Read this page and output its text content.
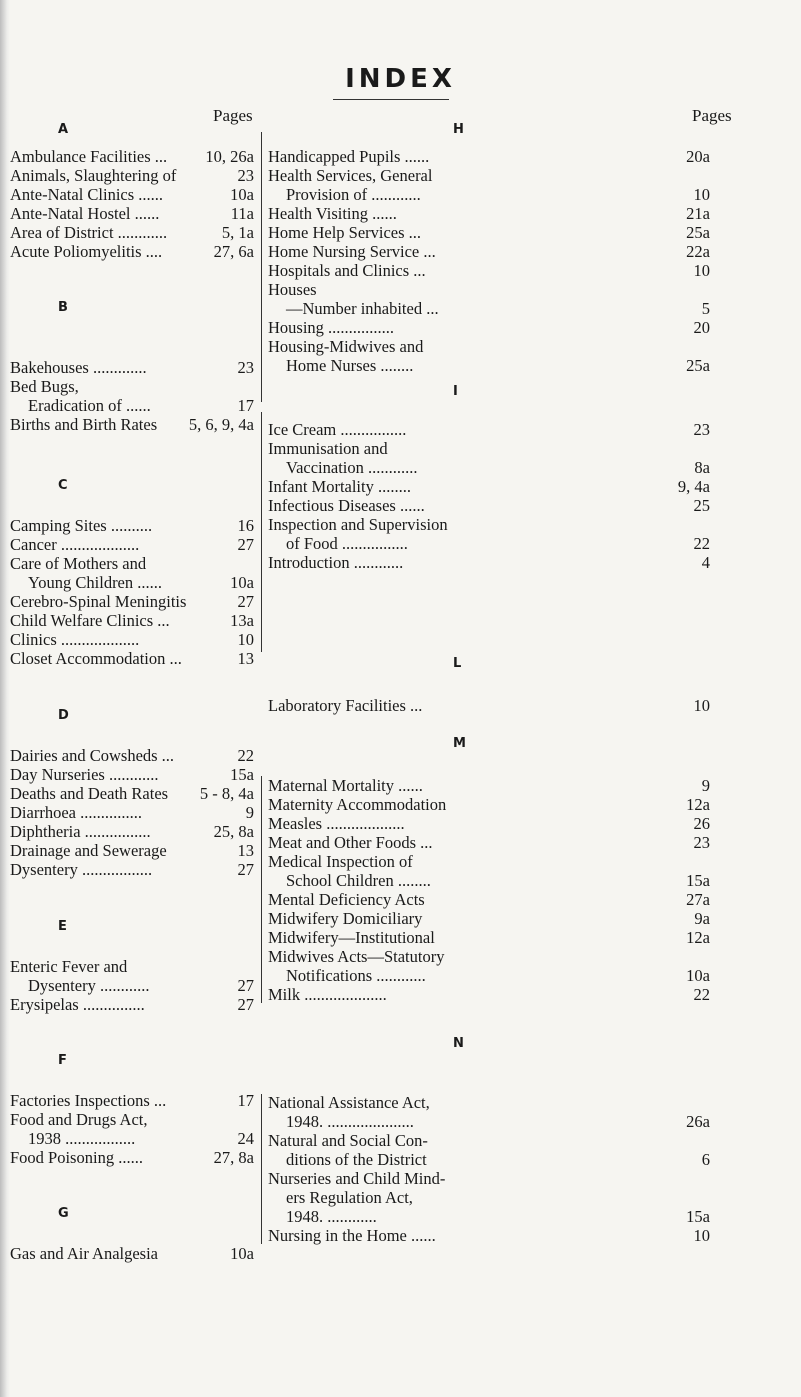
INDEX
Pages	Pages
A
Ambulance Facilities ... 10, 26a
Animals, Slaughtering of	23
Ante-Natal Clinics ......	10a
Ante-Natal Hostel ......	11a
Area of District ............	5, 1a
Acute Poliomyelitis ....	27, 6a
B
Bakehouses .............	23
Bed Bugs,
Eradication of ......	17
Births and Birth Rates 5, 6, 9, 4a
C
Camping Sites ..........	16
Cancer ...................	27
Care of Mothers and
Young Children ......	10a
Cerebro-Spinal Meningitis	27
Child Welfare Clinics ...	13a
Clinics ...................	10
Closet Accommodation ...	13
D
Dairies and Cowsheds ...	22
Day Nurseries ............	15a
Deaths and Death Rates 5 - 8, 4a
Diarrhoea ...............	9
Diphtheria ................	25, 8a
Drainage and Sewerage	13
Dysentery .................	27
E
Enteric Fever and
Dysentery ............	27
Erysipelas ...............	27
F
Factories Inspections ...	17
Food and Drugs Act,
1938 .................	24
Food Poisoning ......	27, 8a
G
Gas and Air Analgesia	10a
H
Handicapped Pupils ......	20a
Health Services, General
Provision of ............	10
Health Visiting ......	21a
Home Help Services ...	25a
Home Nursing Service ...	22a
Hospitals and Clinics ...	10
Houses
—Number inhabited ...	5
Housing ................	20
Housing-Midwives and
Home Nurses ........	25a
I
Ice Cream ................	23
Immunisation and
Vaccination ............	8a
Infant Mortality ........	9, 4a
Infectious Diseases ......	25
Inspection and Supervision
of Food ................	22
Introduction ............	4
L
Laboratory Facilities ...	10
M
Maternal Mortality ......	9
Maternity Accommodation	12a
Measles ...................	26
Meat and Other Foods ...	23
Medical Inspection of
School Children ........	15a
Mental Deficiency Acts	27a
Midwifery Domiciliary	9a
Midwifery—Institutional	12a
Midwives Acts—Statutory
Notifications ............	10a
Milk ....................	22
N
National Assistance Act,
1948. .....................	26a
Natural and Social Con-
ditions of the District	6
Nurseries and Child Mind-
ers Regulation Act,
1948. ............	15a
Nursing in the Home ......	10
